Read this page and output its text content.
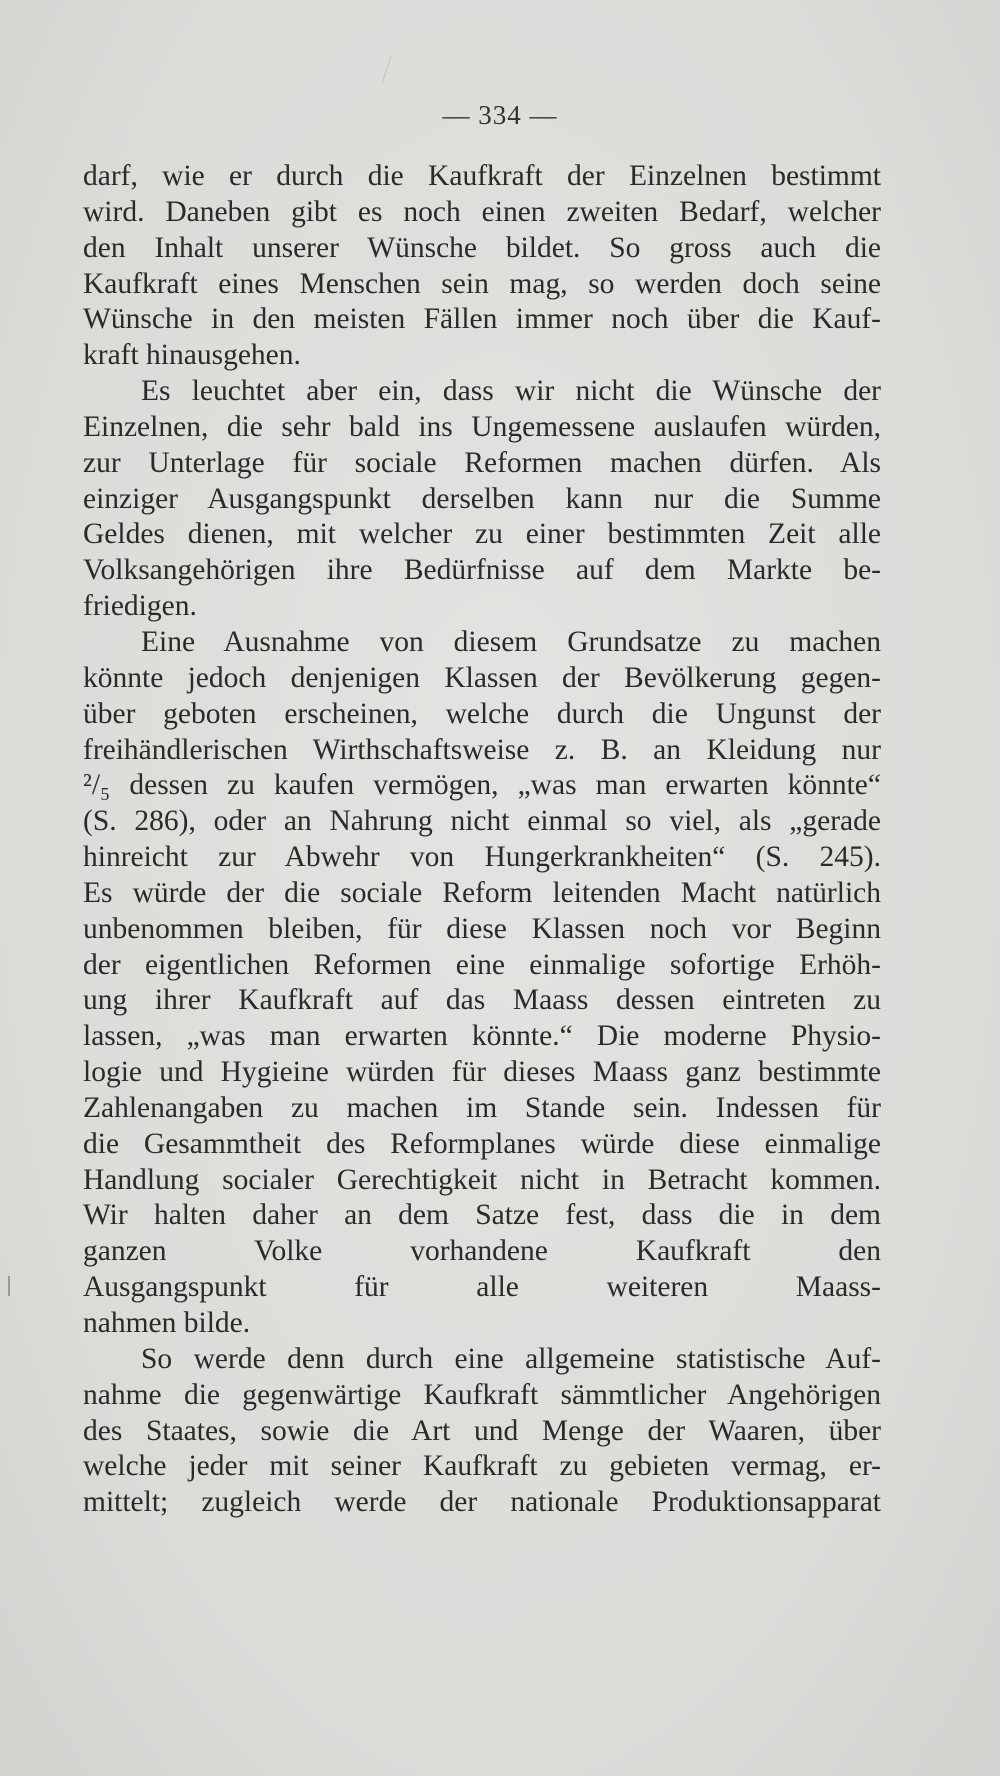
— 334 —
darf, wie er durch die Kaufkraft der Einzelnen bestimmt
wird. Daneben gibt es noch einen zweiten Bedarf, welcher
den Inhalt unserer Wünsche bildet. So gross auch die
Kaufkraft eines Menschen sein mag, so werden doch seine
Wünsche in den meisten Fällen immer noch über die Kauf-
kraft hinausgehen.
Es leuchtet aber ein, dass wir nicht die Wünsche der
Einzelnen, die sehr bald ins Ungemessene auslaufen würden,
zur Unterlage für sociale Reformen machen dürfen. Als
einziger Ausgangspunkt derselben kann nur die Summe
Geldes dienen, mit welcher zu einer bestimmten Zeit alle
Volksangehörigen ihre Bedürfnisse auf dem Markte be-
friedigen.
Eine Ausnahme von diesem Grundsatze zu machen
könnte jedoch denjenigen Klassen der Bevölkerung gegen-
über geboten erscheinen, welche durch die Ungunst der
freihändlerischen Wirthschaftsweise z. B. an Kleidung nur
²/₅ dessen zu kaufen vermögen, „was man erwarten könnte“
(S. 286), oder an Nahrung nicht einmal so viel, als „gerade
hinreicht zur Abwehr von Hungerkrankheiten“ (S. 245).
Es würde der die sociale Reform leitenden Macht natürlich
unbenommen bleiben, für diese Klassen noch vor Beginn
der eigentlichen Reformen eine einmalige sofortige Erhöh-
ung ihrer Kaufkraft auf das Maass dessen eintreten zu
lassen, „was man erwarten könnte.“ Die moderne Physio-
logie und Hygieine würden für dieses Maass ganz bestimmte
Zahlenangaben zu machen im Stande sein. Indessen für
die Gesammtheit des Reformplanes würde diese einmalige
Handlung socialer Gerechtigkeit nicht in Betracht kommen.
Wir halten daher an dem Satze fest, dass die in dem
ganzen Volke vorhandene Kaufkraft den
Ausgangspunkt für alle weiteren Maass-
nahmen bilde.
So werde denn durch eine allgemeine statistische Auf-
nahme die gegenwärtige Kaufkraft sämmtlicher Angehörigen
des Staates, sowie die Art und Menge der Waaren, über
welche jeder mit seiner Kaufkraft zu gebieten vermag, er-
mittelt; zugleich werde der nationale Produktionsapparat
